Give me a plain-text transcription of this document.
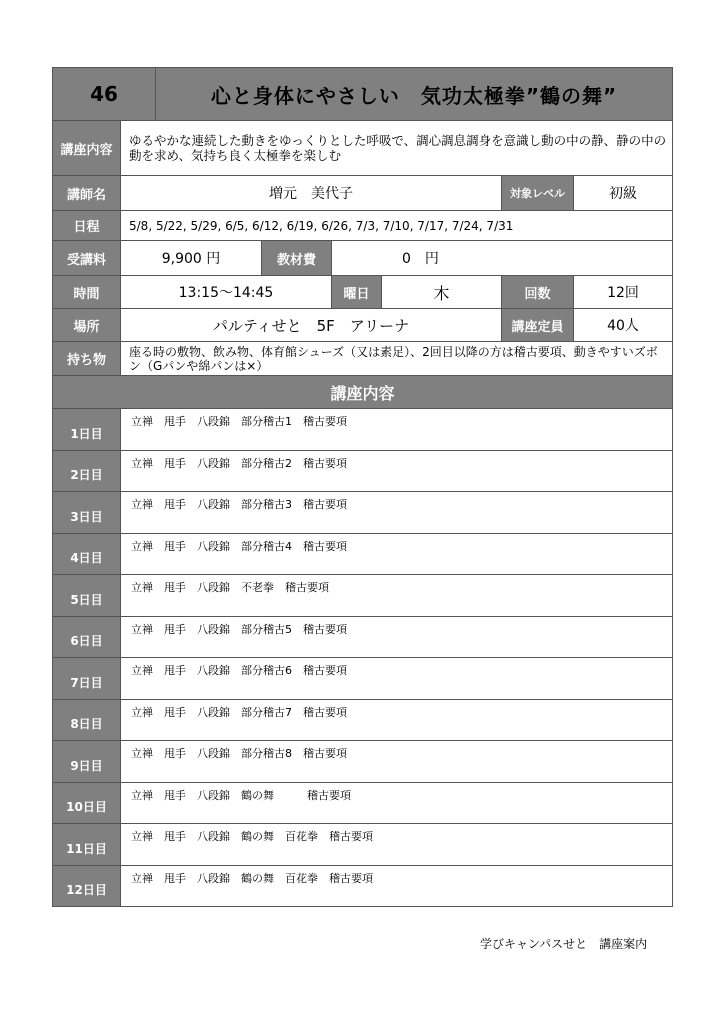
46		心と身体にやさしい　気功太極拳”鶴の舞”					
講座内容	ゆるやかな連続した動きをゆっくりとした呼吸で、調心調息調身を意識し動の中の静、静の中の動を求め、気持ち良く太極拳を楽しむ						
講師名	増元　美代子					対象レベル	初級
日程	5/8, 5/22, 5/29, 6/5, 6/12, 6/19, 6/26, 7/3, 7/10, 7/17, 7/24, 7/31						
受講料	9,900 円		教材費	0　円			
時間	13:15～14:45			曜日	木	回数	12回
場所	パルティせと　5F　アリーナ					講座定員	40人
持ち物	座る時の敷物、飲み物、体育館シューズ（又は素足）、2回目以降の方は稽古要項、動きやすいズボン（Gパンや綿パンは×）						
講座内容							
1日目	立禅　甩手　八段錦　部分稽古1　稽古要項						
2日目	立禅　甩手　八段錦　部分稽古2　稽古要項						
3日目	立禅　甩手　八段錦　部分稽古3　稽古要項						
4日目	立禅　甩手　八段錦　部分稽古4　稽古要項						
5日目	立禅　甩手　八段錦　不老拳　稽古要項						
6日目	立禅　甩手　八段錦　部分稽古5　稽古要項						
7日目	立禅　甩手　八段錦　部分稽古6　稽古要項						
8日目	立禅　甩手　八段錦　部分稽古7　稽古要項						
9日目	立禅　甩手　八段錦　部分稽古8　稽古要項						
10日目	立禅　甩手　八段錦　鶴の舞　　　稽古要項						
11日目	立禅　甩手　八段錦　鶴の舞　百花拳　稽古要項						
12日目	立禅　甩手　八段錦　鶴の舞　百花拳　稽古要項						
学びキャンパスせと　講座案内
